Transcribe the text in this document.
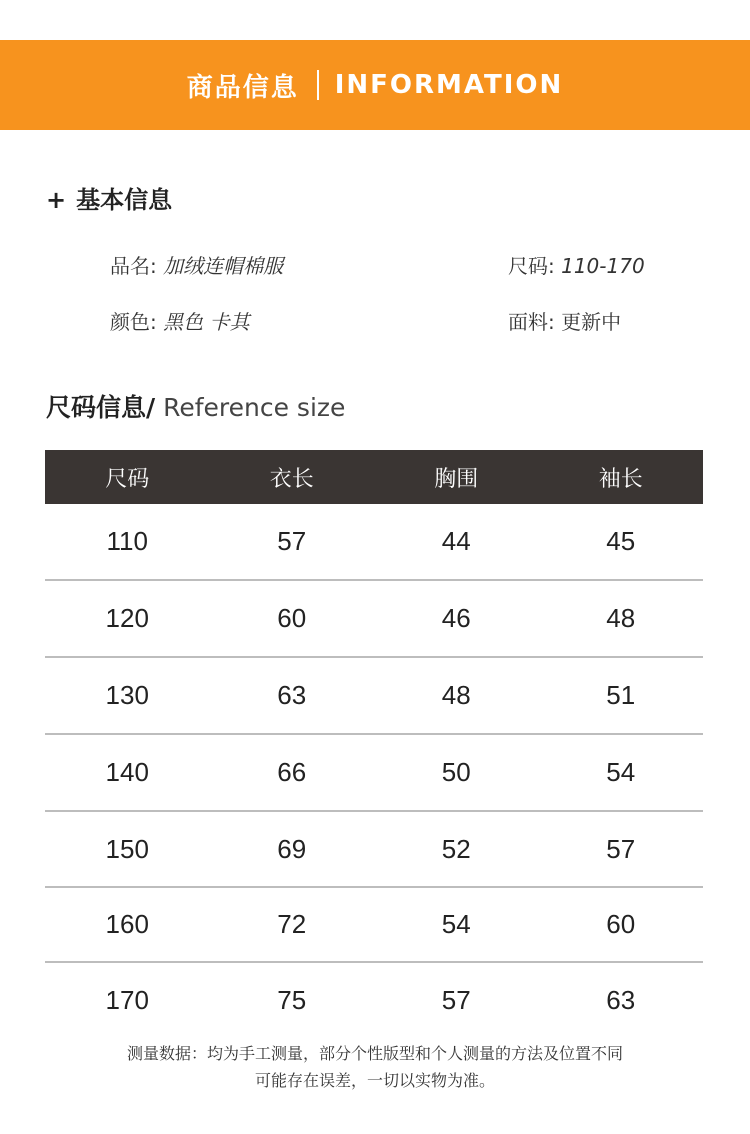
商品信息 INFORMATION
+ 基本信息
品名: 加绒连帽棉服	尺码: 110-170
颜色: 黑色 卡其	面料: 更新中
尺码信息/ Reference size
尺码	衣长	胸围	袖长
110	57	44	45
120	60	46	48
130	63	48	51
140	66	50	54
150	69	52	57
160	72	54	60
170	75	57	63
测量数据：均为手工测量，部分个性版型和个人测量的方法及位置不同
可能存在误差，一切以实物为准。
